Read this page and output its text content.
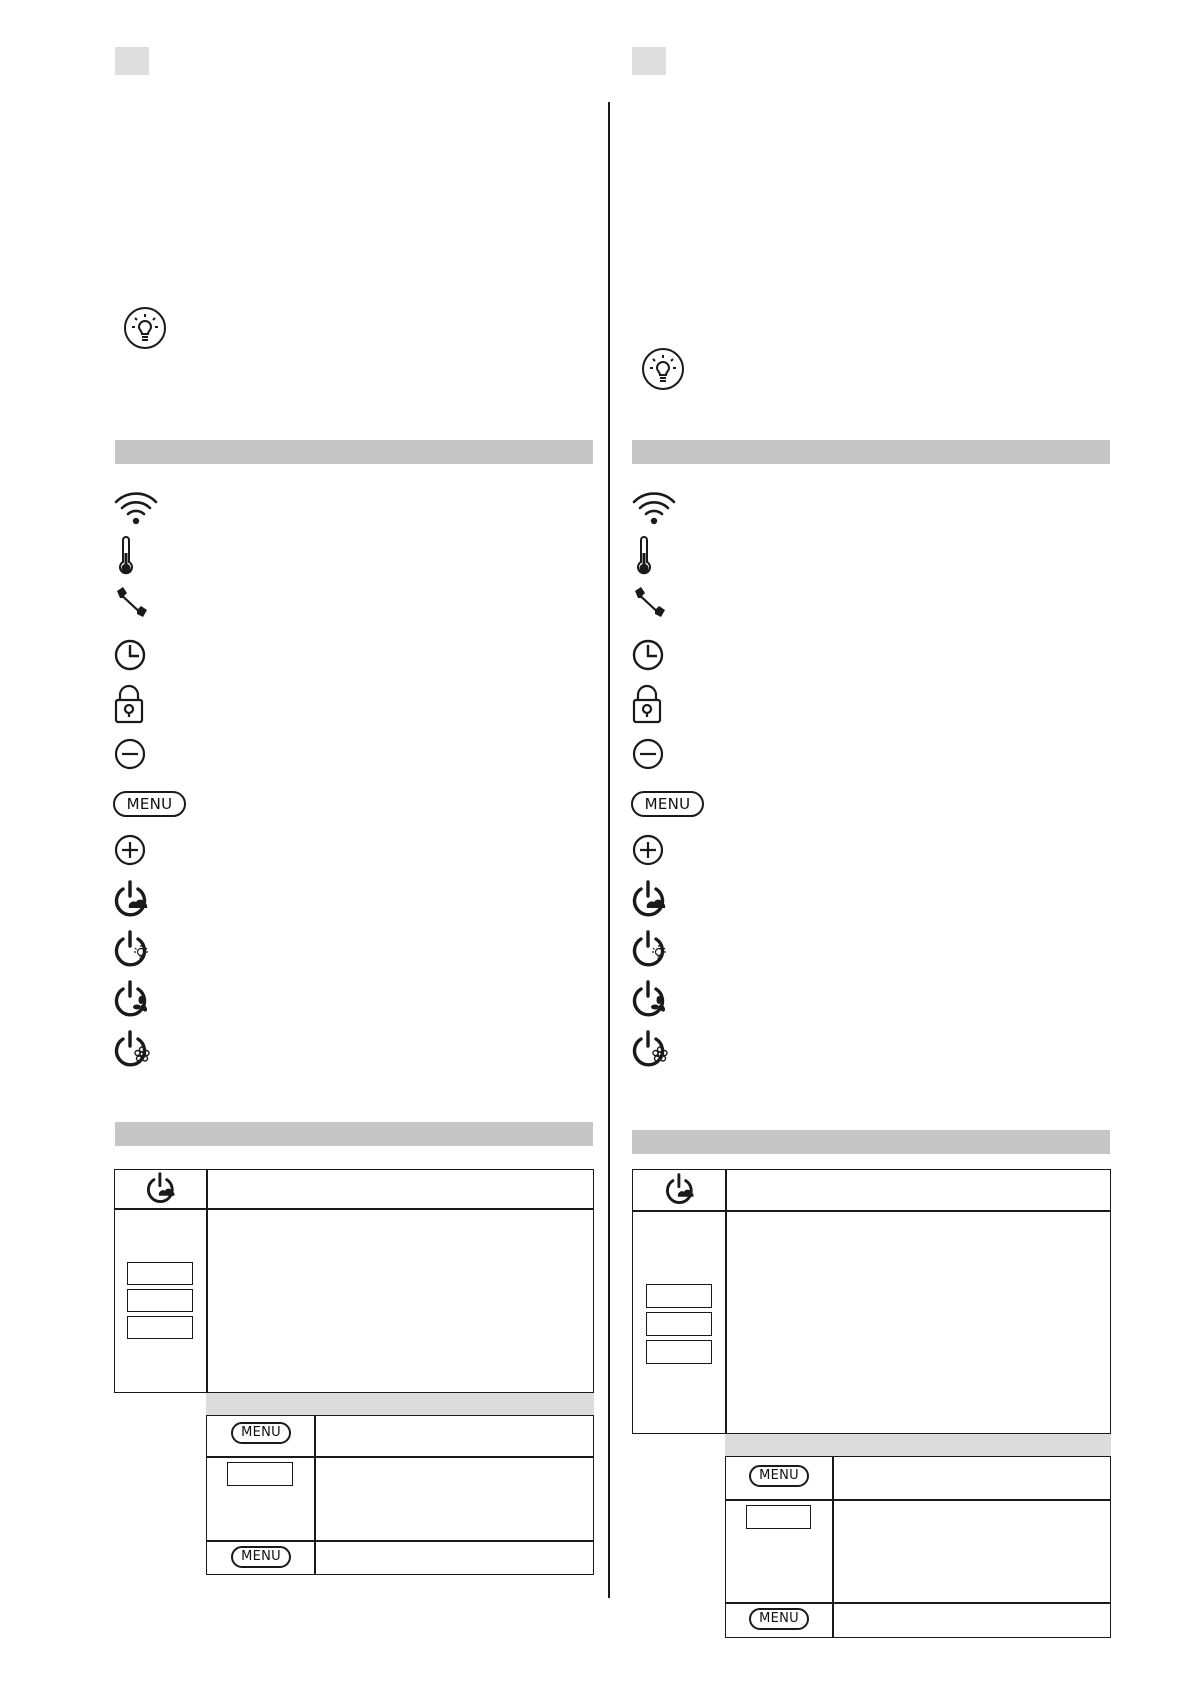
MENU
MENU
MENU
MENU
MENU
MENU
